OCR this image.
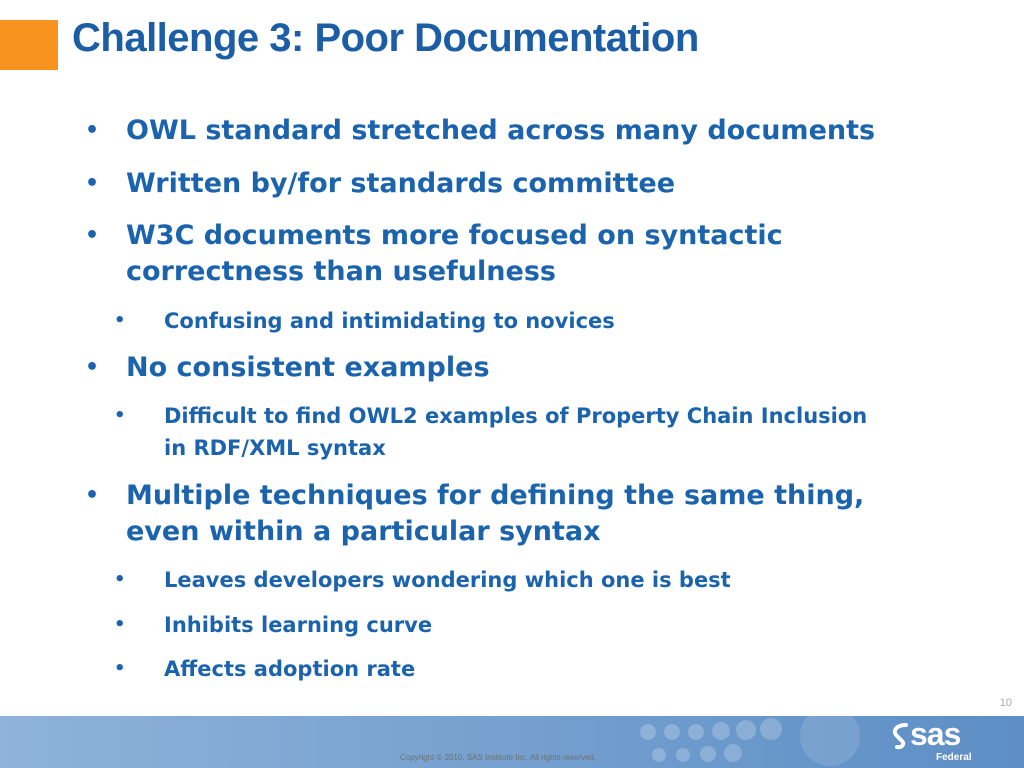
Challenge 3: Poor Documentation
• OWL standard stretched across many documents
• Written by/for standards committee
• W3C documents more focused on syntactic
correctness than usefulness
• Confusing and intimidating to novices
• No consistent examples
• Difficult to find OWL2 examples of Property Chain Inclusion
in RDF/XML syntax
• Multiple techniques for defining the same thing,
even within a particular syntax
• Leaves developers wondering which one is best
• Inhibits learning curve
• Affects adoption rate
10
Copyright © 2010, SAS Institute Inc. All rights reserved.
sas
Federal
